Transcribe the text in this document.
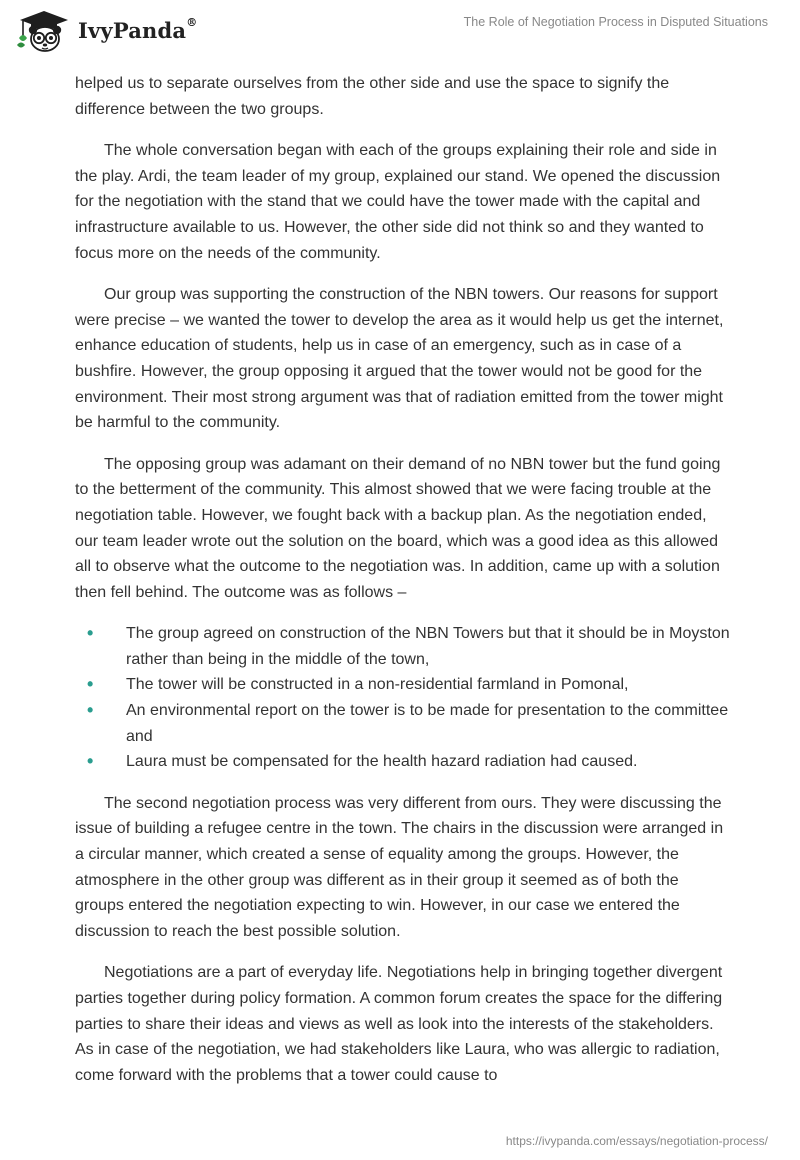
IvyPanda®	The Role of Negotiation Process in Disputed Situations

helped us to separate ourselves from the other side and use the space to signify the difference between the two groups.

The whole conversation began with each of the groups explaining their role and side in the play. Ardi, the team leader of my group, explained our stand. We opened the discussion for the negotiation with the stand that we could have the tower made with the capital and infrastructure available to us. However, the other side did not think so and they wanted to focus more on the needs of the community.

Our group was supporting the construction of the NBN towers. Our reasons for support were precise – we wanted the tower to develop the area as it would help us get the internet, enhance education of students, help us in case of an emergency, such as in case of a bushfire. However, the group opposing it argued that the tower would not be good for the environment. Their most strong argument was that of radiation emitted from the tower might be harmful to the community.

The opposing group was adamant on their demand of no NBN tower but the fund going to the betterment of the community. This almost showed that we were facing trouble at the negotiation table. However, we fought back with a backup plan. As the negotiation ended, our team leader wrote out the solution on the board, which was a good idea as this allowed all to observe what the outcome to the negotiation was. In addition, came up with a solution then fell behind. The outcome was as follows –

• The group agreed on construction of the NBN Towers but that it should be in Moyston rather than being in the middle of the town,
• The tower will be constructed in a non-residential farmland in Pomonal,
• An environmental report on the tower is to be made for presentation to the committee and
• Laura must be compensated for the health hazard radiation had caused.

The second negotiation process was very different from ours. They were discussing the issue of building a refugee centre in the town. The chairs in the discussion were arranged in a circular manner, which created a sense of equality among the groups. However, the atmosphere in the other group was different as in their group it seemed as of both the groups entered the negotiation expecting to win. However, in our case we entered the discussion to reach the best possible solution.

Negotiations are a part of everyday life. Negotiations help in bringing together divergent parties together during policy formation. A common forum creates the space for the differing parties to share their ideas and views as well as look into the interests of the stakeholders. As in case of the negotiation, we had stakeholders like Laura, who was allergic to radiation, come forward with the problems that a tower could cause to

https://ivypanda.com/essays/negotiation-process/
